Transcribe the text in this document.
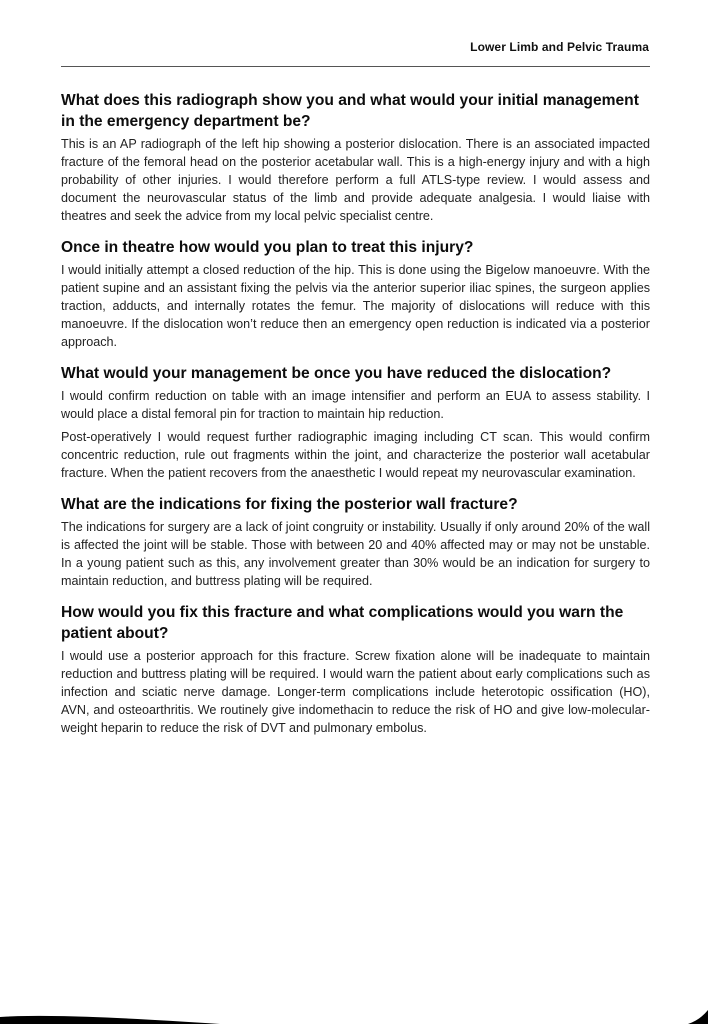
Lower Limb and Pelvic Trauma
What does this radiograph show you and what would your initial management in the emergency department be?

This is an AP radiograph of the left hip showing a posterior dislocation. There is an associated impacted fracture of the femoral head on the posterior acetabular wall. This is a high-energy injury and with a high probability of other injuries. I would therefore perform a full ATLS-type review. I would assess and document the neurovascular status of the limb and provide adequate analgesia. I would liaise with theatres and seek the advice from my local pelvic specialist centre.

Once in theatre how would you plan to treat this injury?

I would initially attempt a closed reduction of the hip. This is done using the Bigelow manoeuvre. With the patient supine and an assistant fixing the pelvis via the anterior superior iliac spines, the surgeon applies traction, adducts, and internally rotates the femur. The majority of dislocations will reduce with this manoeuvre. If the dislocation won’t reduce then an emergency open reduction is indicated via a posterior approach.

What would your management be once you have reduced the dislocation?

I would confirm reduction on table with an image intensifier and perform an EUA to assess stability. I would place a distal femoral pin for traction to maintain hip reduction.

Post-operatively I would request further radiographic imaging including CT scan. This would confirm concentric reduction, rule out fragments within the joint, and characterize the posterior wall acetabular fracture. When the patient recovers from the anaesthetic I would repeat my neurovascular examination.

What are the indications for fixing the posterior wall fracture?

The indications for surgery are a lack of joint congruity or instability. Usually if only around 20% of the wall is affected the joint will be stable. Those with between 20 and 40% affected may or may not be unstable. In a young patient such as this, any involvement greater than 30% would be an indication for surgery to maintain reduction, and buttress plating will be required.

How would you fix this fracture and what complications would you warn the patient about?

I would use a posterior approach for this fracture. Screw fixation alone will be inadequate to maintain reduction and buttress plating will be required. I would warn the patient about early complications such as infection and sciatic nerve damage. Longer-term complications include heterotopic ossification (HO), AVN, and osteoarthritis. We routinely give indomethacin to reduce the risk of HO and give low-molecular-weight heparin to reduce the risk of DVT and pulmonary embolus.
